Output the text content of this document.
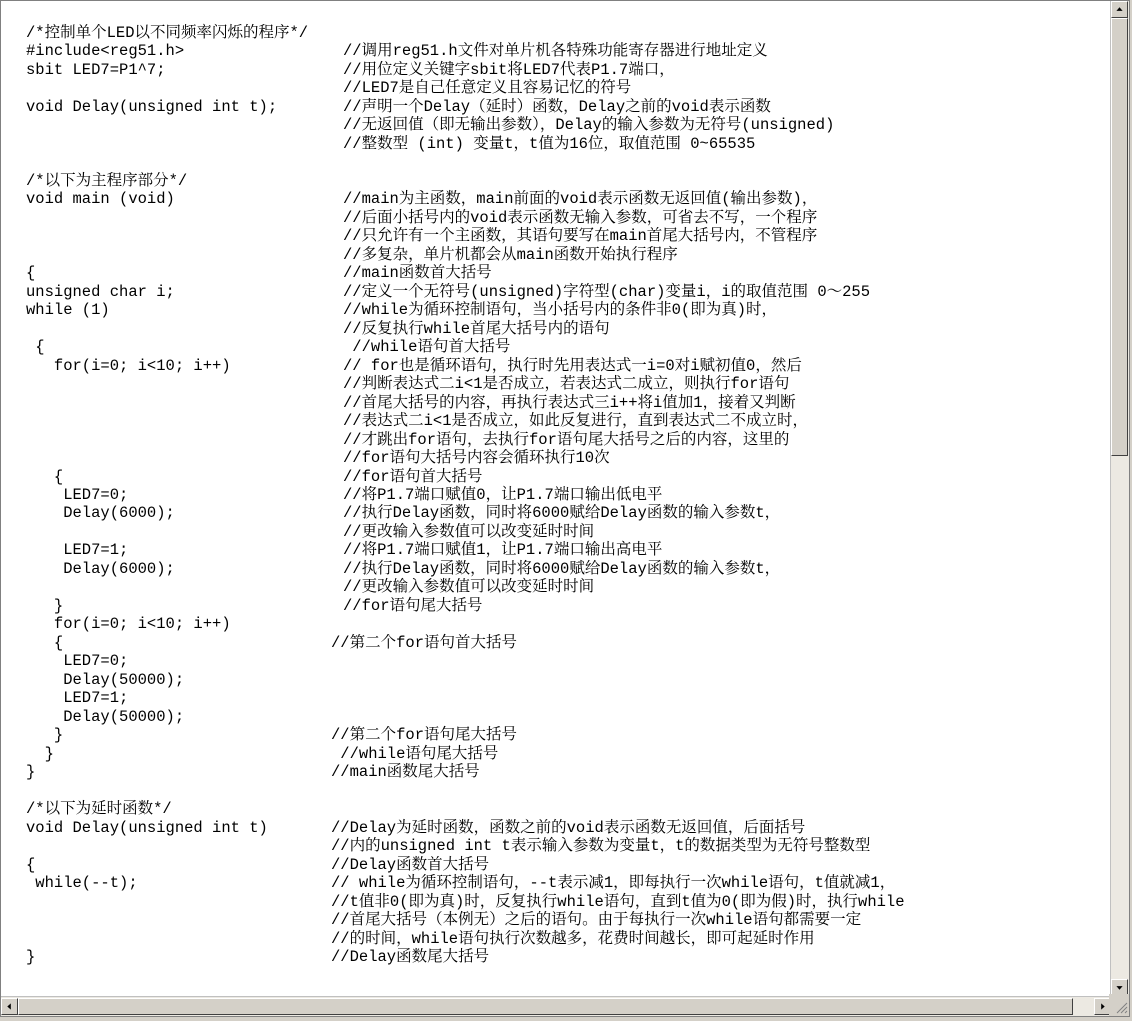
/*控制单个LED以不同频率闪烁的程序*/
#include<reg51.h>	//调用reg51.h文件对单片机各特殊功能寄存器进行地址定义
sbit LED7=P1^7;	//用位定义关键字sbit将LED7代表P1.7端口，
//LED7是自己任意定义且容易记忆的符号
void Delay(unsigned int t);	//声明一个Delay（延时）函数，Delay之前的void表示函数
//无返回值（即无输出参数），Delay的输入参数为无符号(unsigned)
//整数型 (int) 变量t，t值为16位，取值范围 0~65535
/*以下为主程序部分*/
void main (void)	//main为主函数，main前面的void表示函数无返回值(输出参数)，
//后面小括号内的void表示函数无输入参数，可省去不写，一个程序
//只允许有一个主函数，其语句要写在main首尾大括号内，不管程序
//多复杂，单片机都会从main函数开始执行程序
{	//main函数首大括号
unsigned char i;	//定义一个无符号(unsigned)字符型(char)变量i，i的取值范围 0～255
while (1)	//while为循环控制语句，当小括号内的条件非0(即为真)时，
//反复执行while首尾大括号内的语句
{	//while语句首大括号
for(i=0; i<10; i++)	// for也是循环语句，执行时先用表达式一i=0对i赋初值0，然后
//判断表达式二i<1是否成立，若表达式二成立，则执行for语句
//首尾大括号的内容，再执行表达式三i++将i值加1，接着又判断
//表达式二i<1是否成立，如此反复进行，直到表达式二不成立时，
//才跳出for语句，去执行for语句尾大括号之后的内容，这里的
//for语句大括号内容会循环执行10次
{	//for语句首大括号
LED7=0;	//将P1.7端口赋值0，让P1.7端口输出低电平
Delay(6000);	//执行Delay函数，同时将6000赋给Delay函数的输入参数t，
//更改输入参数值可以改变延时时间
LED7=1;	//将P1.7端口赋值1，让P1.7端口输出高电平
Delay(6000);	//执行Delay函数，同时将6000赋给Delay函数的输入参数t，
//更改输入参数值可以改变延时时间
}	//for语句尾大括号
for(i=0; i<10; i++)
{	//第二个for语句首大括号
LED7=0;
Delay(50000);
LED7=1;
Delay(50000);
}	//第二个for语句尾大括号
}	//while语句尾大括号
}	//main函数尾大括号
/*以下为延时函数*/
void Delay(unsigned int t)	//Delay为延时函数，函数之前的void表示函数无返回值，后面括号
//内的unsigned int t表示输入参数为变量t，t的数据类型为无符号整数型
{	//Delay函数首大括号
while(--t);	// while为循环控制语句，--t表示减1，即每执行一次while语句，t值就减1，
//t值非0(即为真)时，反复执行while语句，直到t值为0(即为假)时，执行while
//首尾大括号（本例无）之后的语句。由于每执行一次while语句都需要一定
//的时间，while语句执行次数越多，花费时间越长，即可起延时作用
}	//Delay函数尾大括号
